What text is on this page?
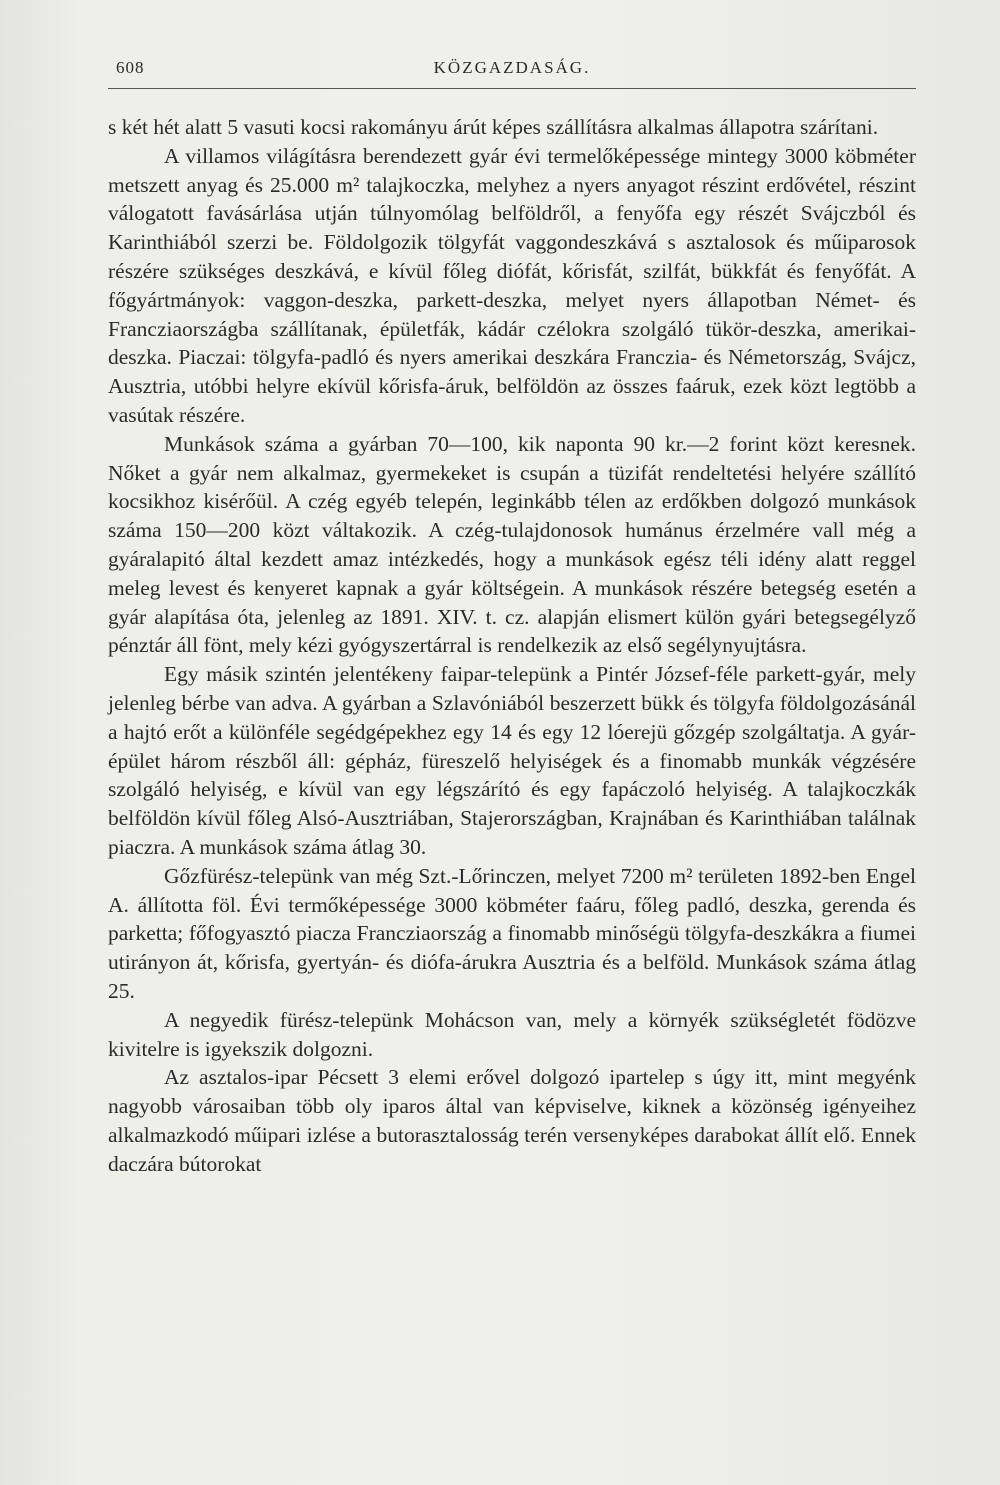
608	KÖZGAZDASÁG.

s két hét alatt 5 vasuti kocsi rakományu árút képes szállításra alkalmas állapotra szárítani.

A villamos világításra berendezett gyár évi termelőképessége mintegy 3000 köbméter metszett anyag és 25.000 m² talajkoczka, melyhez a nyers anyagot részint erdővétel, részint válogatott favásárlása utján túlnyomólag belföldről, a fenyőfa egy részét Svájczból és Karinthiából szerzi be. Földolgozik tölgyfát vaggondeszkává s asztalosok és műiparosok részére szükséges deszkává, e kívül főleg diófát, kőrisfát, szilfát, bükkfát és fenyőfát. A főgyártmányok: vaggon-deszka, parkett-deszka, melyet nyers állapotban Német- és Francziaországba szállítanak, épületfák, kádár czélokra szolgáló tükör-deszka, amerikai-deszka. Piaczai: tölgyfa-padló és nyers amerikai deszkára Franczia- és Németország, Svájcz, Ausztria, utóbbi helyre ekívül kőrisfa-áruk, belföldön az összes faáruk, ezek közt legtöbb a vasútak részére.

Munkások száma a gyárban 70—100, kik naponta 90 kr.—2 forint közt keresnek. Nőket a gyár nem alkalmaz, gyermekeket is csupán a tüzifát rendeltetési helyére szállító kocsikhoz kisérőül. A czég egyéb telepén, leginkább télen az erdőkben dolgozó munkások száma 150—200 közt váltakozik. A czég-tulajdonosok humánus érzelmére vall még a gyáralapitó által kezdett amaz intézkedés, hogy a munkások egész téli idény alatt reggel meleg levest és kenyeret kapnak a gyár költségein. A munkások részére betegség esetén a gyár alapítása óta, jelenleg az 1891. XIV. t. cz. alapján elismert külön gyári betegsegélyző pénztár áll fönt, mely kézi gyógyszertárral is rendelkezik az első segélynyujtásra.

Egy másik szintén jelentékeny faipar-telepünk a Pintér József-féle parkett-gyár, mely jelenleg bérbe van adva. A gyárban a Szlavóniából beszerzett bükk és tölgyfa földolgozásánál a hajtó erőt a különféle segédgépekhez egy 14 és egy 12 lóerejü gőzgép szolgáltatja. A gyár-épület három részből áll: gépház, füreszelő helyiségek és a finomabb munkák végzésére szolgáló helyiség, e kívül van egy légszárító és egy fapáczoló helyiség. A talajkoczkák belföldön kívül főleg Alsó-Ausztriában, Stajerországban, Krajnában és Karinthiában találnak piaczra. A munkások száma átlag 30.

Gőzfürész-telepünk van még Szt.-Lőrinczen, melyet 7200 m² területen 1892-ben Engel A. állította föl. Évi termőképessége 3000 köbméter faáru, főleg padló, deszka, gerenda és parketta; főfogyasztó piacza Francziaország a finomabb minőségü tölgyfa-deszkákra a fiumei utirányon át, kőrisfa, gyertyán- és diófa-árukra Ausztria és a belföld. Munkások száma átlag 25.

A negyedik fürész-telepünk Mohácson van, mely a környék szükségletét födözve kivitelre is igyekszik dolgozni.

Az asztalos-ipar Pécsett 3 elemi erővel dolgozó ipartelep s úgy itt, mint megyénk nagyobb városaiban több oly iparos által van képviselve, kiknek a közönség igényeihez alkalmazkodó műipari izlése a butorasztalosság terén versenyképes darabokat állít elő. Ennek daczára bútorokat
